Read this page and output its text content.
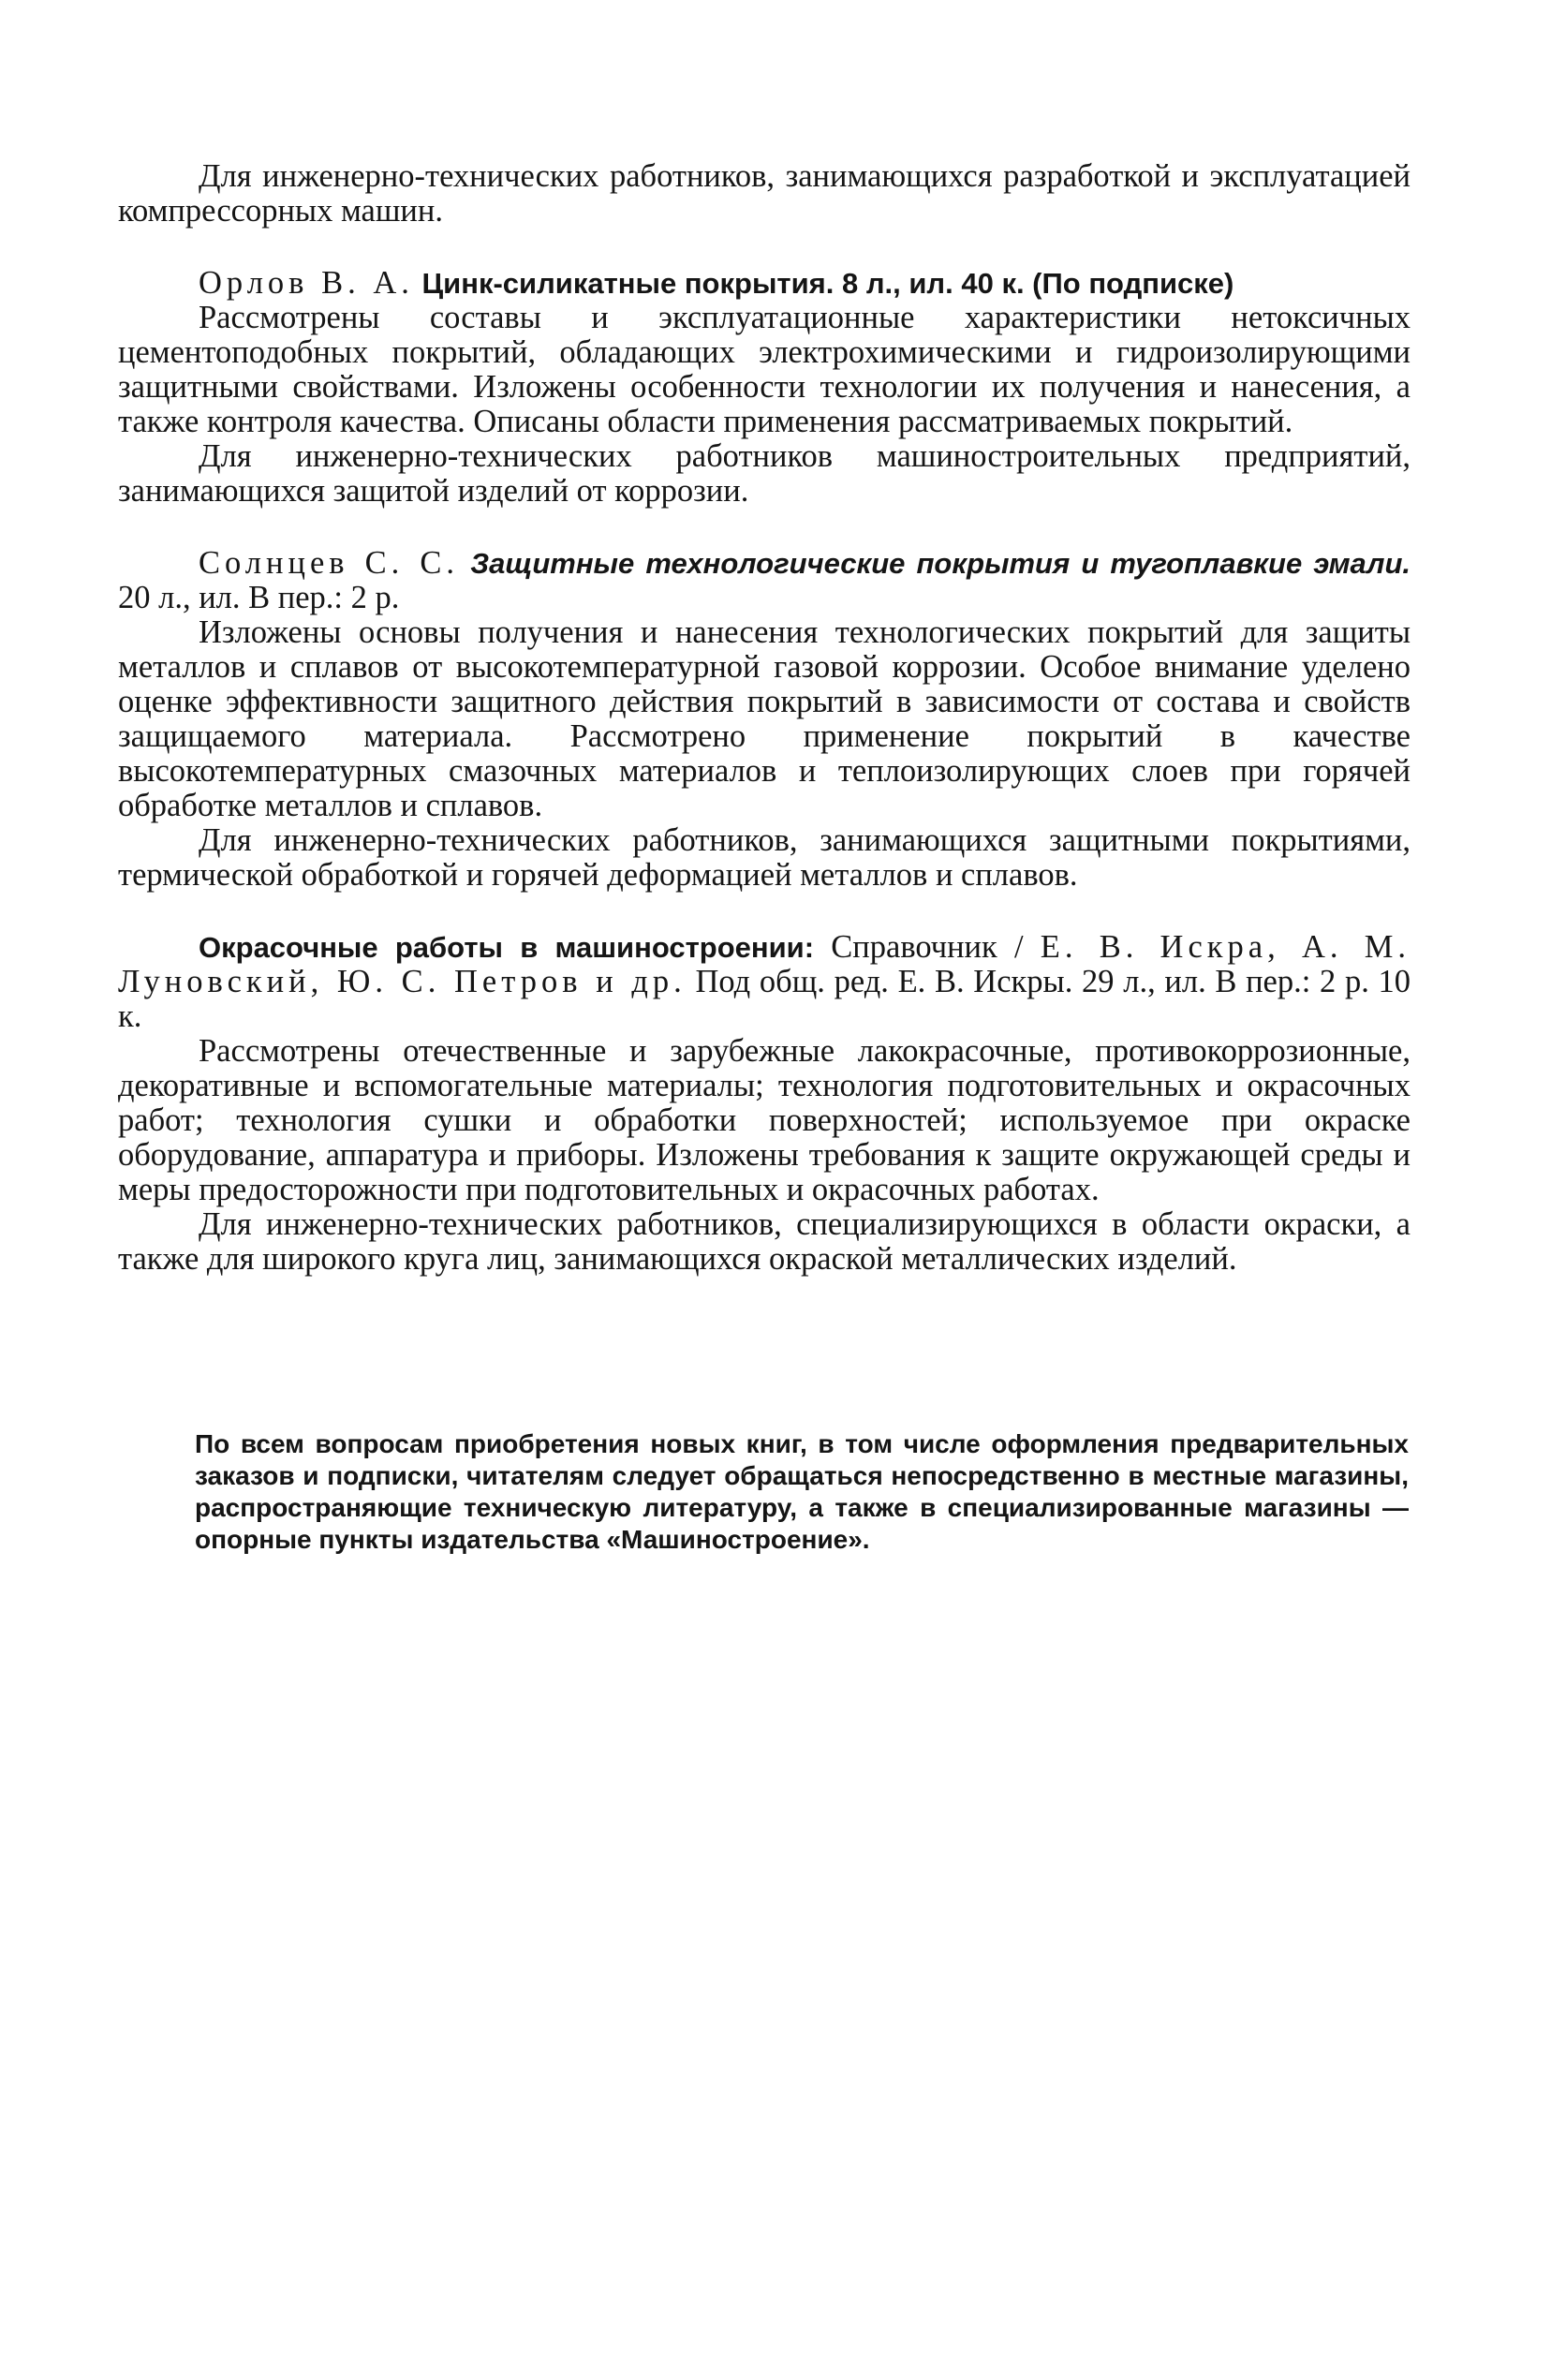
Для инженерно-технических работников, занимающихся разработкой и эксплуатацией компрессорных машин.

Орлов В. А. Цинк-силикатные покрытия. 8 л., ил. 40 к. (По подписке)

Рассмотрены составы и эксплуатационные характеристики нетоксичных цементоподобных покрытий, обладающих электрохимическими и гидроизолирующими защитными свойствами. Изложены особенности технологии их получения и нанесения, а также контроля качества. Описаны области применения рассматриваемых покрытий.

Для инженерно-технических работников машиностроительных предприятий, занимающихся защитой изделий от коррозии.

Солнцев С. С. Защитные технологические покрытия и тугоплавкие эмали. 20 л., ил. В пер.: 2 р.

Изложены основы получения и нанесения технологических покрытий для защиты металлов и сплавов от высокотемпературной газовой коррозии. Особое внимание уделено оценке эффективности защитного действия покрытий в зависимости от состава и свойств защищаемого материала. Рассмотрено применение покрытий в качестве высокотемпературных смазочных материалов и теплоизолирующих слоев при горячей обработке металлов и сплавов.

Для инженерно-технических работников, занимающихся защитными покрытиями, термической обработкой и горячей деформацией металлов и сплавов.

Окрасочные работы в машиностроении: Справочник / Е. В. Искра, А. М. Луновский, Ю. С. Петров и др. Под общ. ред. Е. В. Искры. 29 л., ил. В пер.: 2 р. 10 к.

Рассмотрены отечественные и зарубежные лакокрасочные, противокоррозионные, декоративные и вспомогательные материалы; технология подготовительных и окрасочных работ; технология сушки и обработки поверхностей; используемое при окраске оборудование, аппаратура и приборы. Изложены требования к защите окружающей среды и меры предосторожности при подготовительных и окрасочных работах.

Для инженерно-технических работников, специализирующихся в области окраски, а также для широкого круга лиц, занимающихся окраской металлических изделий.

По всем вопросам приобретения новых книг, в том числе оформления предварительных заказов и подписки, читателям следует обращаться непосредственно в местные магазины, распространяющие техническую литературу, а также в специализированные магазины — опорные пункты издательства «Машиностроение».
